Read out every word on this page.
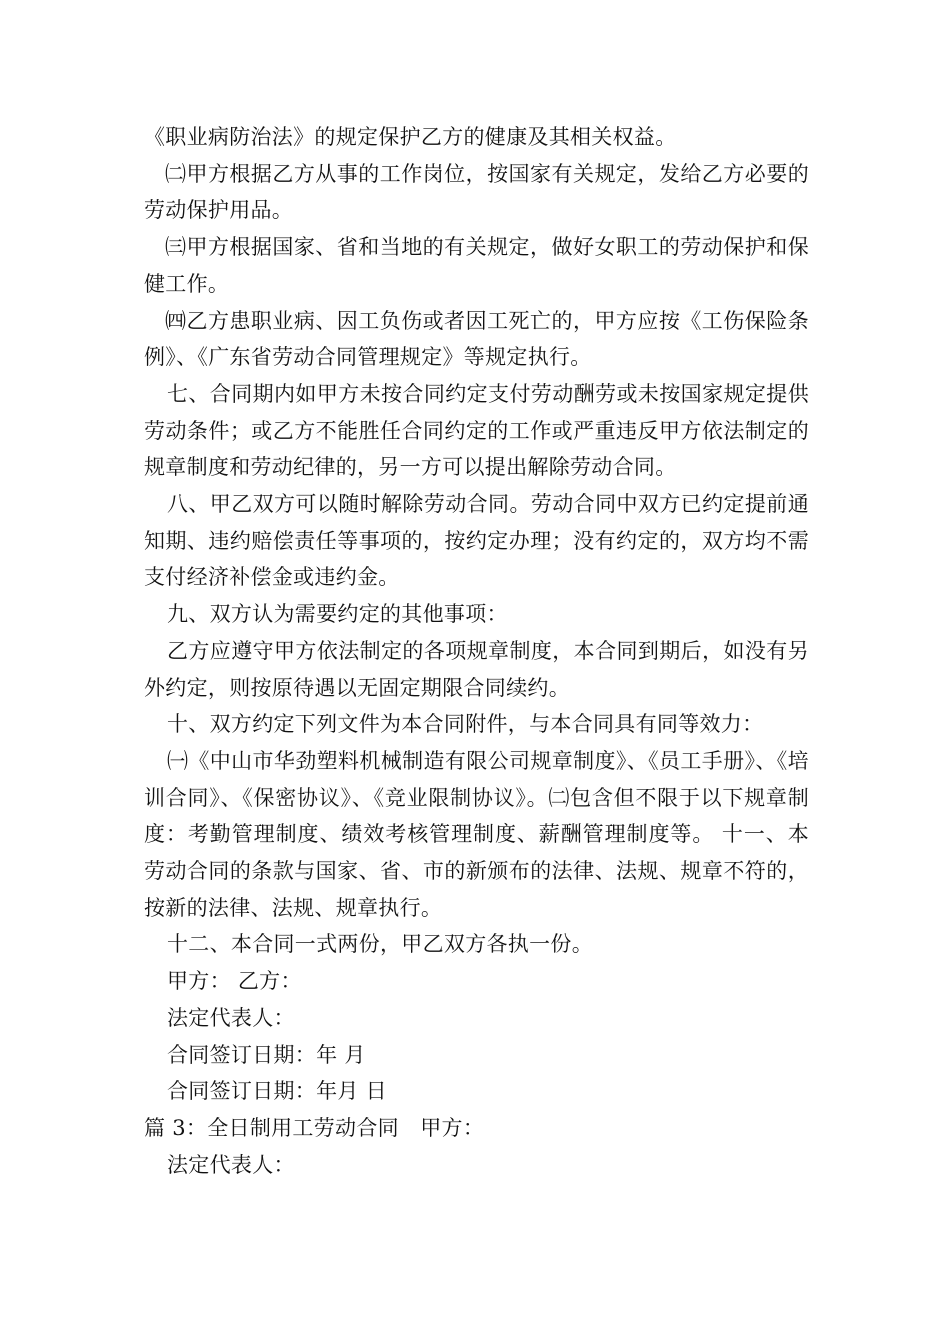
《职业病防治法》的规定保护乙方的健康及其相关权益。

㈡甲方根据乙方从事的工作岗位，按国家有关规定，发给乙方必要的劳动保护用品。

㈢甲方根据国家、省和当地的有关规定，做好女职工的劳动保护和保健工作。

㈣乙方患职业病、因工负伤或者因工死亡的，甲方应按《工伤保险条例》、《广东省劳动合同管理规定》等规定执行。

七、合同期内如甲方未按合同约定支付劳动酬劳或未按国家规定提供劳动条件；或乙方不能胜任合同约定的工作或严重违反甲方依法制定的规章制度和劳动纪律的，另一方可以提出解除劳动合同。

八、甲乙双方可以随时解除劳动合同。劳动合同中双方已约定提前通知期、违约赔偿责任等事项的，按约定办理；没有约定的，双方均不需支付经济补偿金或违约金。

九、双方认为需要约定的其他事项：

乙方应遵守甲方依法制定的各项规章制度，本合同到期后，如没有另外约定，则按原待遇以无固定期限合同续约。

十、双方约定下列文件为本合同附件，与本合同具有同等效力：

㈠《中山市华劲塑料机械制造有限公司规章制度》、《员工手册》、《培训合同》、《保密协议》、《竞业限制协议》。㈡包含但不限于以下规章制度：考勤管理制度、绩效考核管理制度、薪酬管理制度等。 十一、本劳动合同的条款与国家、省、市的新颁布的法律、法规、规章不符的，按新的法律、法规、规章执行。

十二、本合同一式两份，甲乙双方各执一份。

甲方： 乙方：

法定代表人：

合同签订日期：年 月

合同签订日期：年月 日

篇 3：全日制用工劳动合同　甲方：

法定代表人：
